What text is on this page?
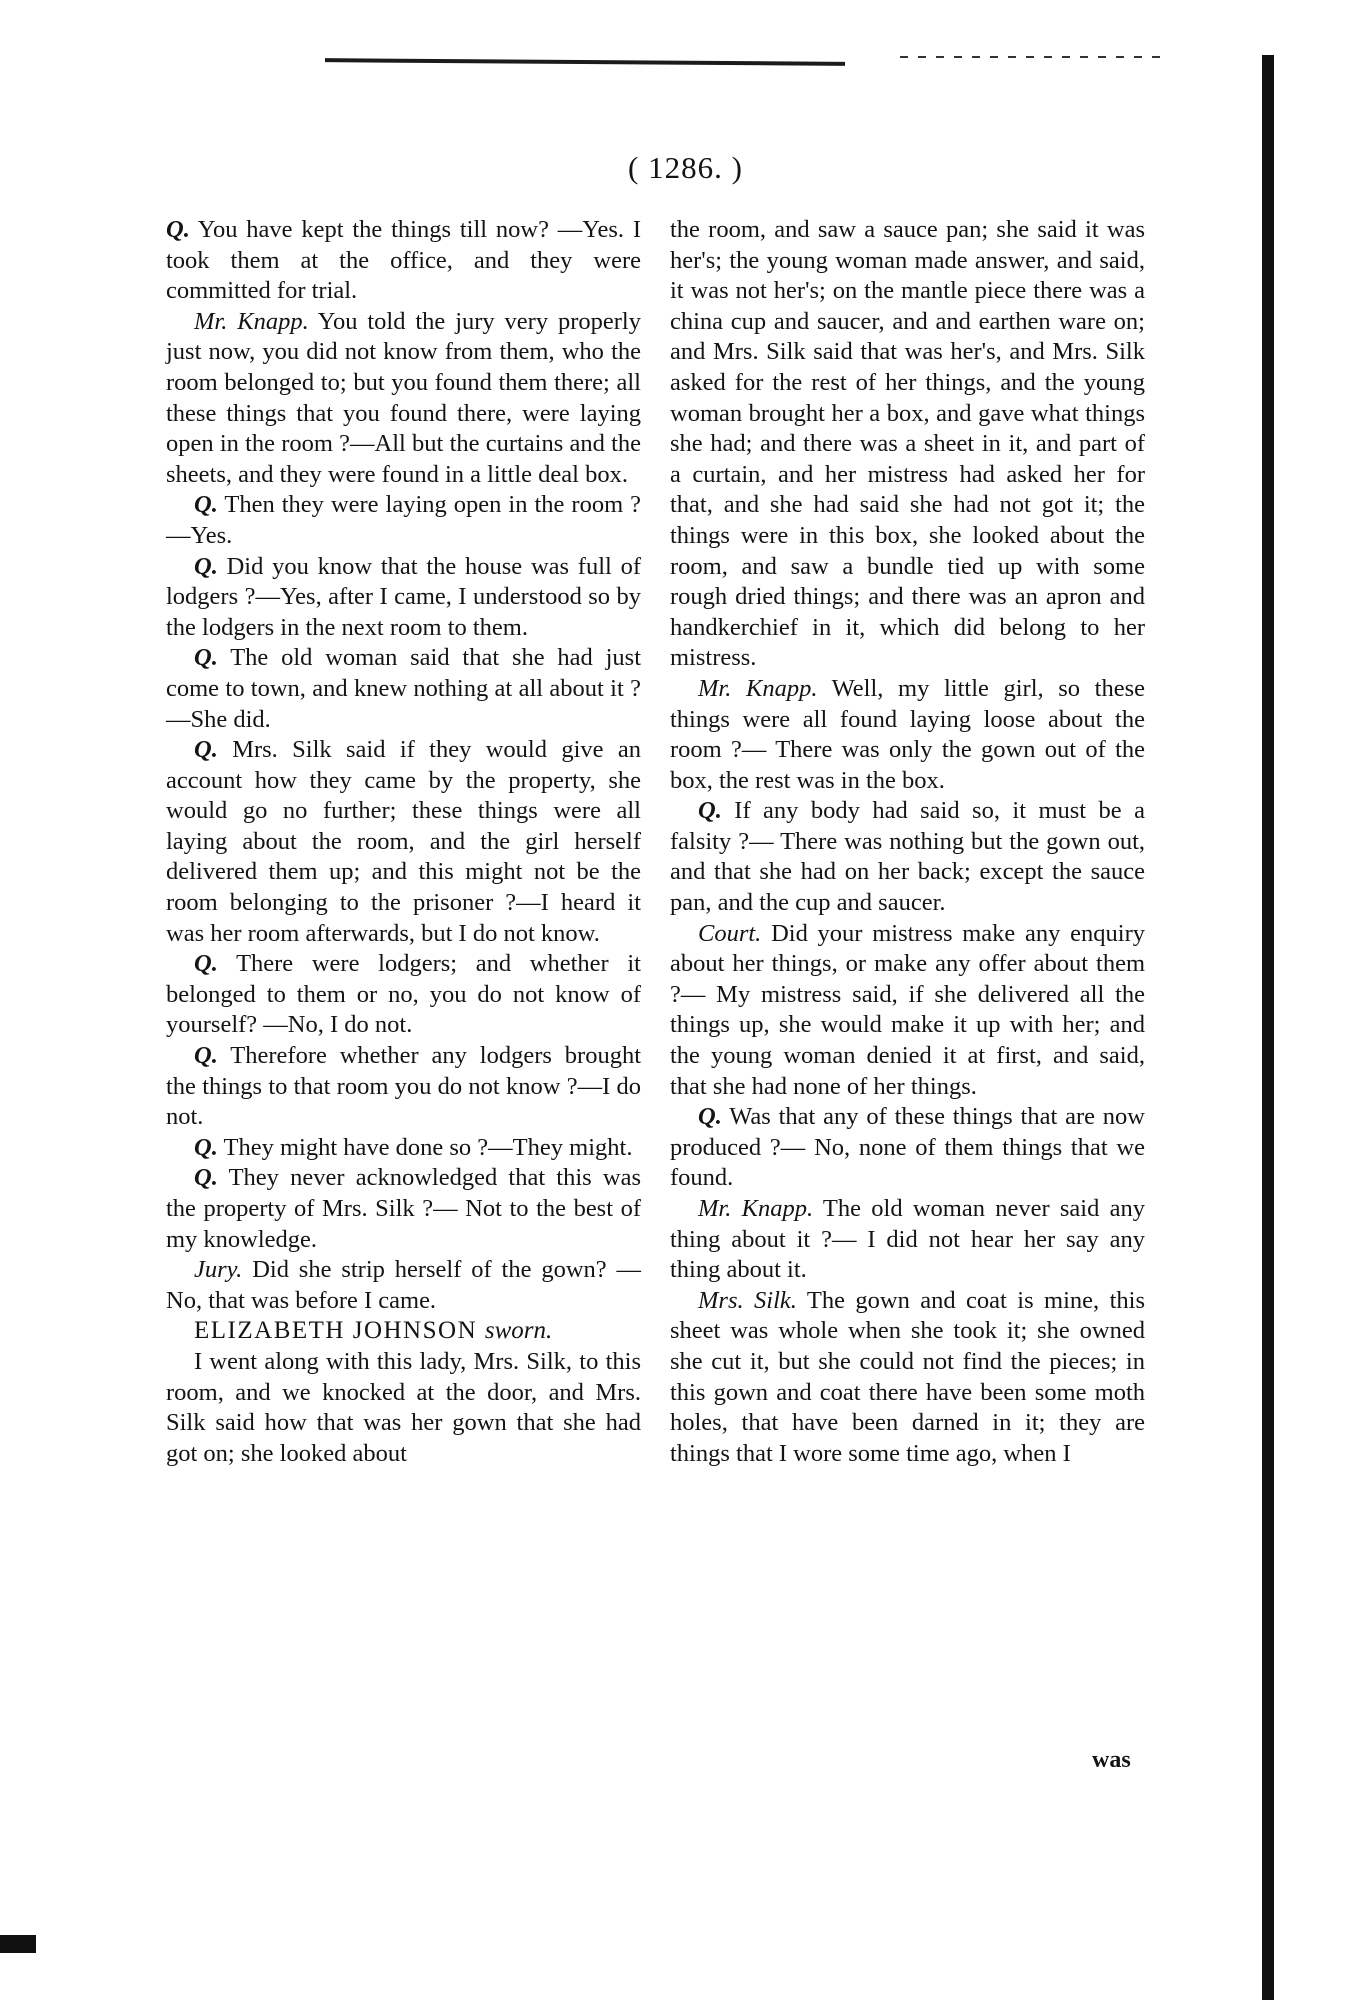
( 1286. )

Q. You have kept the things till now? —Yes. I took them at the office, and they were committed for trial.

Mr. Knapp. You told the jury very properly just now, you did not know from them, who the room belonged to; but you found them there; all these things that you found there, were laying open in the room ?—All but the curtains and the sheets, and they were found in a little deal box.

Q. Then they were laying open in the room ?—Yes.

Q. Did you know that the house was full of lodgers ?—Yes, after I came, I understood so by the lodgers in the next room to them.

Q. The old woman said that she had just come to town, and knew nothing at all about it ?—She did.

Q. Mrs. Silk said if they would give an account how they came by the property, she would go no further; these things were all laying about the room, and the girl herself delivered them up; and this might not be the room belonging to the prisoner ?—I heard it was her room afterwards, but I do not know.

Q. There were lodgers; and whether it belonged to them or no, you do not know of yourself? —No, I do not.

Q. Therefore whether any lodgers brought the things to that room you do not know ?—I do not.

Q. They might have done so ?—They might.

Q. They never acknowledged that this was the property of Mrs. Silk ?— Not to the best of my knowledge.

Jury. Did she strip herself of the gown? —No, that was before I came.

ELIZABETH JOHNSON sworn.

I went along with this lady, Mrs. Silk, to this room, and we knocked at the door, and Mrs. Silk said how that was her gown that she had got on; she looked about

the room, and saw a sauce pan; she said it was her's; the young woman made answer, and said, it was not her's; on the mantle piece there was a china cup and saucer, and and earthen ware on; and Mrs. Silk said that was her's, and Mrs. Silk asked for the rest of her things, and the young woman brought her a box, and gave what things she had; and there was a sheet in it, and part of a curtain, and her mistress had asked her for that, and she had said she had not got it; the things were in this box, she looked about the room, and saw a bundle tied up with some rough dried things; and there was an apron and handkerchief in it, which did belong to her mistress.

Mr. Knapp. Well, my little girl, so these things were all found laying loose about the room ?— There was only the gown out of the box, the rest was in the box.

Q. If any body had said so, it must be a falsity ?— There was nothing but the gown out, and that she had on her back; except the sauce pan, and the cup and saucer.

Court. Did your mistress make any enquiry about her things, or make any offer about them ?— My mistress said, if she delivered all the things up, she would make it up with her; and the young woman denied it at first, and said, that she had none of her things.

Q. Was that any of these things that are now produced ?— No, none of them things that we found.

Mr. Knapp. The old woman never said any thing about it ?— I did not hear her say any thing about it.

Mrs. Silk. The gown and coat is mine, this sheet was whole when she took it; she owned she cut it, but she could not find the pieces; in this gown and coat there have been some moth holes, that have been darned in it; they are things that I wore some time ago, when I

was
